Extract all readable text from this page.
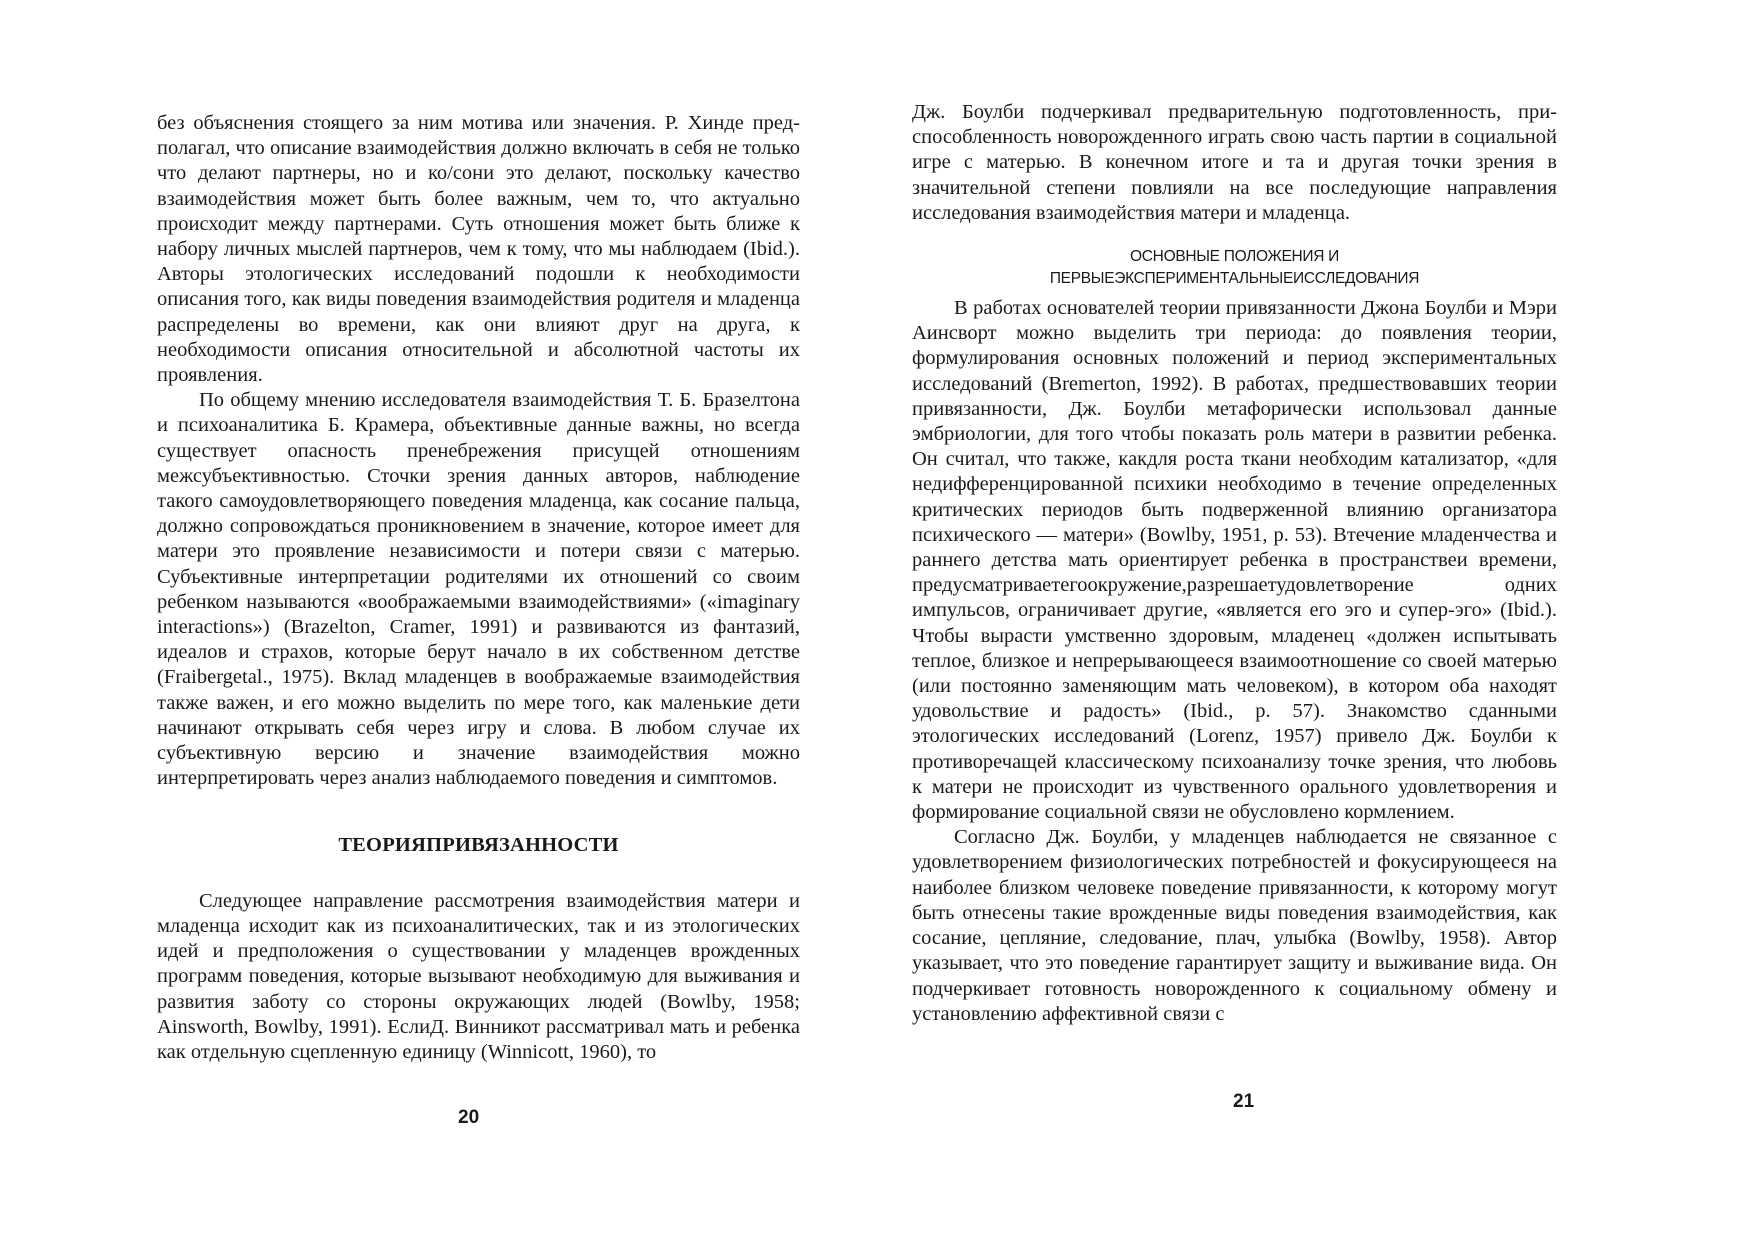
без объяснения стоящего за ним мотива или значения. Р. Хинде предполагал, что описание взаимодействия должно включать в себя не только что делают партнеры, но и ко/сони это делают, поскольку качество взаимодействия может быть более важным, чем то, что актуально происходит между партнерами. Суть отношения может быть ближе к набору личных мыслей партнеров, чем к тому, что мы наблюдаем (Ibid.). Авторы этологических исследований подошли к необходимости описания того, как виды поведения взаимодействия родителя и младенца распределены во времени, как они влияют друг на друга, к необходимости описания относительной и абсолютной частоты их проявления.

По общему мнению исследователя взаимодействия Т. Б. Бразелтона и психоаналитика Б. Крамера, объективные данные важны, но всегда существует опасность пренебрежения присущей отношениям межсубъективностью. Сточки зрения данных авторов, наблюдение такого самоудовлетворяющего поведения младенца, как сосание пальца, должно сопровождаться проникновением в значение, которое имеет для матери это проявление независимости и потери связи с матерью. Субъективные интерпретации родителями их отношений со своим ребенком называются «воображаемыми взаимодействиями» («imaginary interactions») (Brazelton, Cramer, 1991) и развиваются из фантазий, идеалов и страхов, которые берут начало в их собственном детстве (Fraibergetal., 1975). Вклад младенцев в воображаемые взаимодействия также важен, и его можно выделить по мере того, как маленькие дети начинают открывать себя через игру и слова. В любом случае их субъективную версию и значение взаимодействия можно интерпретировать через анализ наблюдаемого поведения и симптомов.

ТЕОРИЯПРИВЯЗАННОСТИ

Следующее направление рассмотрения взаимодействия матери и младенца исходит как из психоаналитических, так и из этологических идей и предположения о существовании у младенцев врожденных программ поведения, которые вызывают необходимую для выживания и развития заботу со стороны окружающих людей (Bowlby, 1958; Ainsworth, Bowlby, 1991). ЕслиД. Винникот рассматривал мать и ребенка как отдельную сцепленную единицу (Winnicott, 1960), то

20

Дж. Боулби подчеркивал предварительную подготовленность, приспособленность новорожденного играть свою часть партии в социальной игре с матерью. В конечном итоге и та и другая точки зрения в значительной степени повлияли на все последующие направления исследования взаимодействия матери и младенца.

ОСНОВНЫЕ ПОЛОЖЕНИЯ И
ПЕРВЫЕЭКСПЕРИМЕНТАЛЬНЫЕИССЛЕДОВАНИЯ

В работах основателей теории привязанности Джона Боулби и Мэри Аинсворт можно выделить три периода: до появления теории, формулирования основных положений и период экспериментальных исследований (Bremerton, 1992). В работах, предшествовавших теории привязанности, Дж. Боулби метафорически использовал данные эмбриологии, для того чтобы показать роль матери в развитии ребенка. Он считал, что также, какдля роста ткани необходим катализатор, «для недифференцированной психики необходимо в течение определенных критических периодов быть подверженной влиянию организатора психического — матери» (Bowlby, 1951, p. 53). Втечение младенчества и раннего детства мать ориентирует ребенка в пространствеи времени, предусматриваетегоокружение,разрешаетудовлетворение одних импульсов, ограничивает другие, «является его эго и супер-эго» (Ibid.). Чтобы вырасти умственно здоровым, младенец «должен испытывать теплое, близкое и непрерывающееся взаимоотношение со своей матерью (или постоянно заменяющим мать человеком), в котором оба находят удовольствие и радость» (Ibid., p. 57). Знакомство сданными этологических исследований (Lorenz, 1957) привело Дж. Боулби к противоречащей классическому психоанализу точке зрения, что любовь к матери не происходит из чувственного орального удовлетворения и формирование социальной связи не обусловлено кормлением.

Согласно Дж. Боулби, у младенцев наблюдается не связанное с удовлетворением физиологических потребностей и фокусирующееся на наиболее близком человеке поведение привязанности, к которому могут быть отнесены такие врожденные виды поведения взаимодействия, как сосание, цепляние, следование, плач, улыбка (Bowlby, 1958). Автор указывает, что это поведение гарантирует защиту и выживание вида. Он подчеркивает готовность новорожденного к социальному обмену и установлению аффективной связи с

21
